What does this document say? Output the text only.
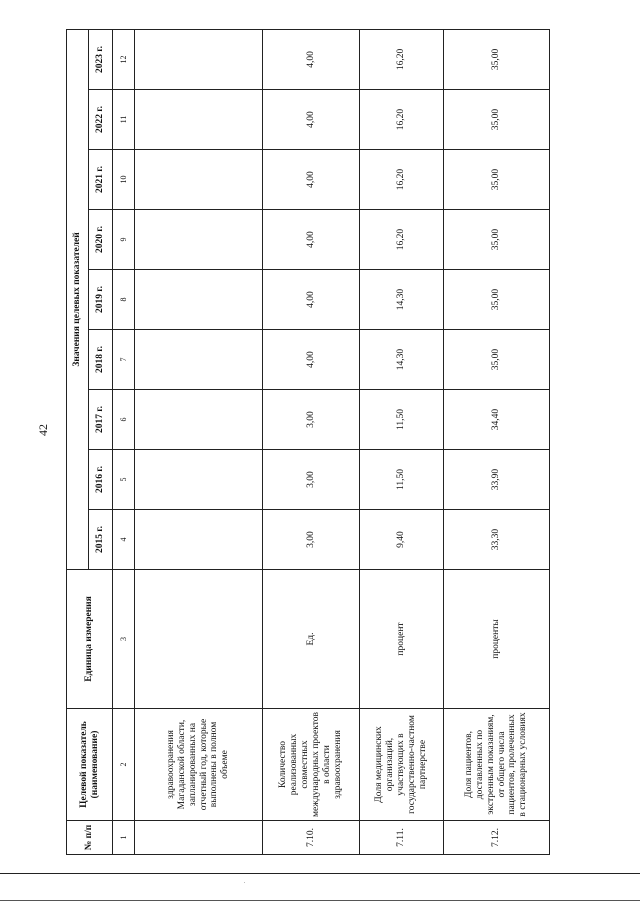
42
№ п/п	Целевой показатель (наименование)	Единица измерения	Значения целевых показателей								
			2015 г.	2016 г.	2017 г.	2018 г.	2019 г.	2020 г.	2021 г.	2022 г.	2023 г.
1	2	3	4	5	6	7	8	9	10	11	12
	здравоохранения Магаданской области, запланированных на отчетный год, которые выполнены в полном объеме										
7.10.	Количество реализованных совместных международных проектов в области здравоохранения	Ед.	3,00	3,00	3,00	4,00	4,00	4,00	4,00	4,00	4,00
7.11.	Доля медицинских организаций, участвующих в государственно-частном партнерстве	процент	9,40	11,50	11,50	14,30	14,30	16,20	16,20	16,20	16,20
7.12.	Доля пациентов, доставленных по экстренным показаниям, от общего числа пациентов, пролеченных в стационарных условиях	проценты	33,30	33,90	34,40	35,00	35,00	35,00	35,00	35,00	35,00
